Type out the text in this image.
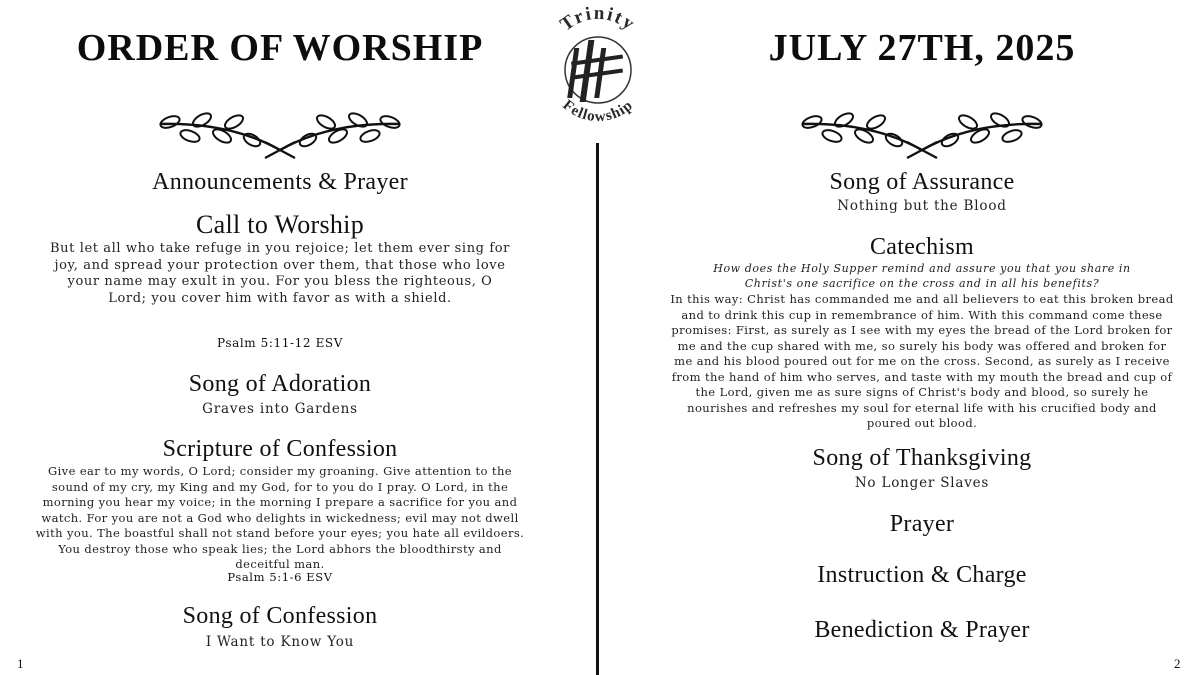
ORDER OF WORSHIP	JULY 27TH, 2025
Trinity
Fellowship
Announcements & Prayer
Call to Worship
But let all who take refuge in you rejoice; let them ever sing for joy, and spread your protection over them, that those who love your name may exult in you. For you bless the righteous, O Lord; you cover him with favor as with a shield.
Psalm 5:11-12 ESV
Song of Adoration
Graves into Gardens
Scripture of Confession
Give ear to my words, O Lord; consider my groaning. Give attention to the sound of my cry, my King and my God, for to you do I pray. O Lord, in the morning you hear my voice; in the morning I prepare a sacrifice for you and watch. For you are not a God who delights in wickedness; evil may not dwell with you. The boastful shall not stand before your eyes; you hate all evildoers. You destroy those who speak lies; the Lord abhors the bloodthirsty and deceitful man.
Psalm 5:1-6 ESV
Song of Confession
I Want to Know You
Song of Assurance
Nothing but the Blood
Catechism
How does the Holy Supper remind and assure you that you share in Christ's one sacrifice on the cross and in all his benefits?
In this way: Christ has commanded me and all believers to eat this broken bread and to drink this cup in remembrance of him. With this command come these promises: First, as surely as I see with my eyes the bread of the Lord broken for me and the cup shared with me, so surely his body was offered and broken for me and his blood poured out for me on the cross. Second, as surely as I receive from the hand of him who serves, and taste with my mouth the bread and cup of the Lord, given me as sure signs of Christ's body and blood, so surely he nourishes and refreshes my soul for eternal life with his crucified body and poured out blood.
Song of Thanksgiving
No Longer Slaves
Prayer
Instruction & Charge
Benediction & Prayer
1	2
